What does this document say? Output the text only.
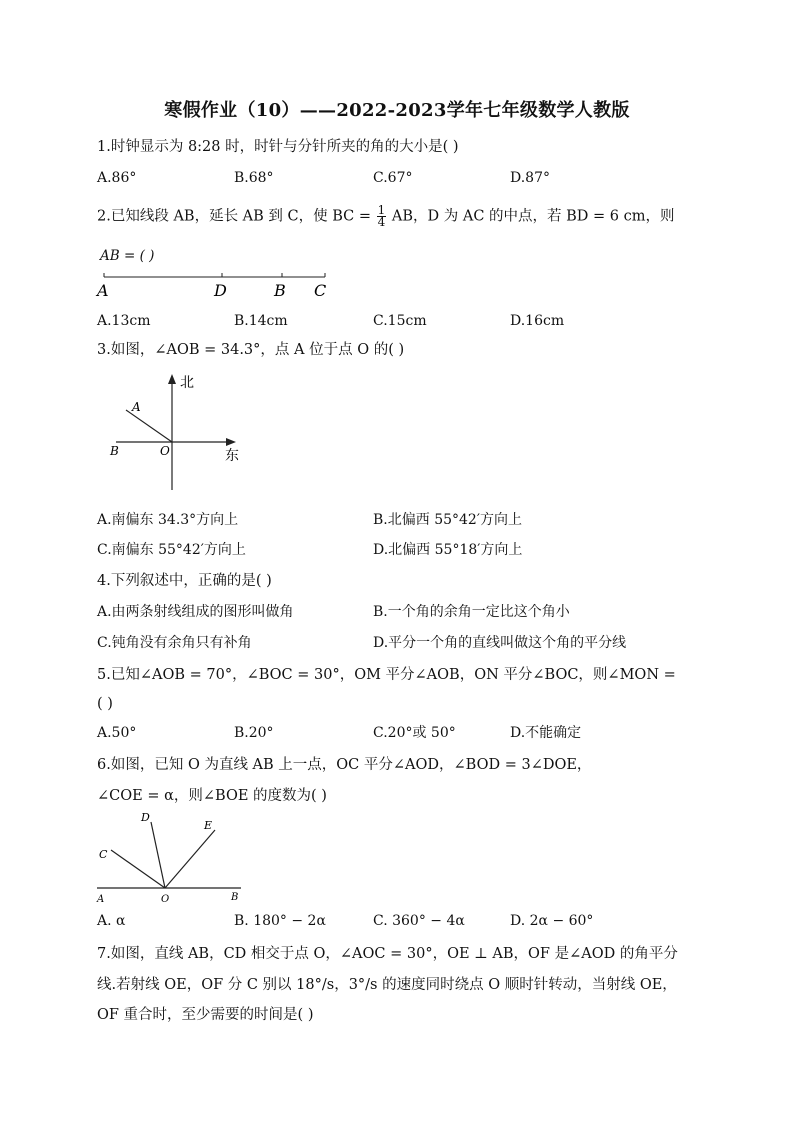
寒假作业（10）——2022-2023学年七年级数学人教版
1.时钟显示为 8:28 时，时针与分针所夹的角的大小是( )
A.86°	B.68°	C.67°	D.87°
2.已知线段 AB，延长 AB 到 C，使 BC = $\frac{1}{4}$ AB，D 为 AC 的中点，若 BD = 6 cm，则
AB = ( )
A	D	B C
A.13cm	B.14cm	C.15cm	D.16cm
3.如图，∠AOB = 34.3°，点 A 位于点 O 的( )
北
东
A
B	O
A.南偏东 34.3°方向上	B.北偏西 55°42′方向上
C.南偏东 55°42′方向上	D.北偏西 55°18′方向上
4.下列叙述中，正确的是( )
A.由两条射线组成的图形叫做角	B.一个角的余角一定比这个角小
C.钝角没有余角只有补角	D.平分一个角的直线叫做这个角的平分线
5.已知∠AOB = 70°，∠BOC = 30°，OM 平分∠AOB，ON 平分∠BOC，则∠MON =
( )
A.50°	B.20°	C.20°或 50°	D.不能确定
6.如图，已知 O 为直线 AB 上一点，OC 平分∠AOD，∠BOD = 3∠DOE，
∠COE = α，则∠BOE 的度数为( )
A	O	B
C
D
E
A. α	B. 180° − 2α	C. 360° − 4α	D. 2α − 60°
7.如图，直线 AB，CD 相交于点 O，∠AOC = 30°，OE ⊥ AB，OF 是∠AOD 的角平分
线.若射线 OE，OF 分 C 别以 18°/s，3°/s 的速度同时绕点 O 顺时针转动，当射线 OE，
OF 重合时，至少需要的时间是( )
